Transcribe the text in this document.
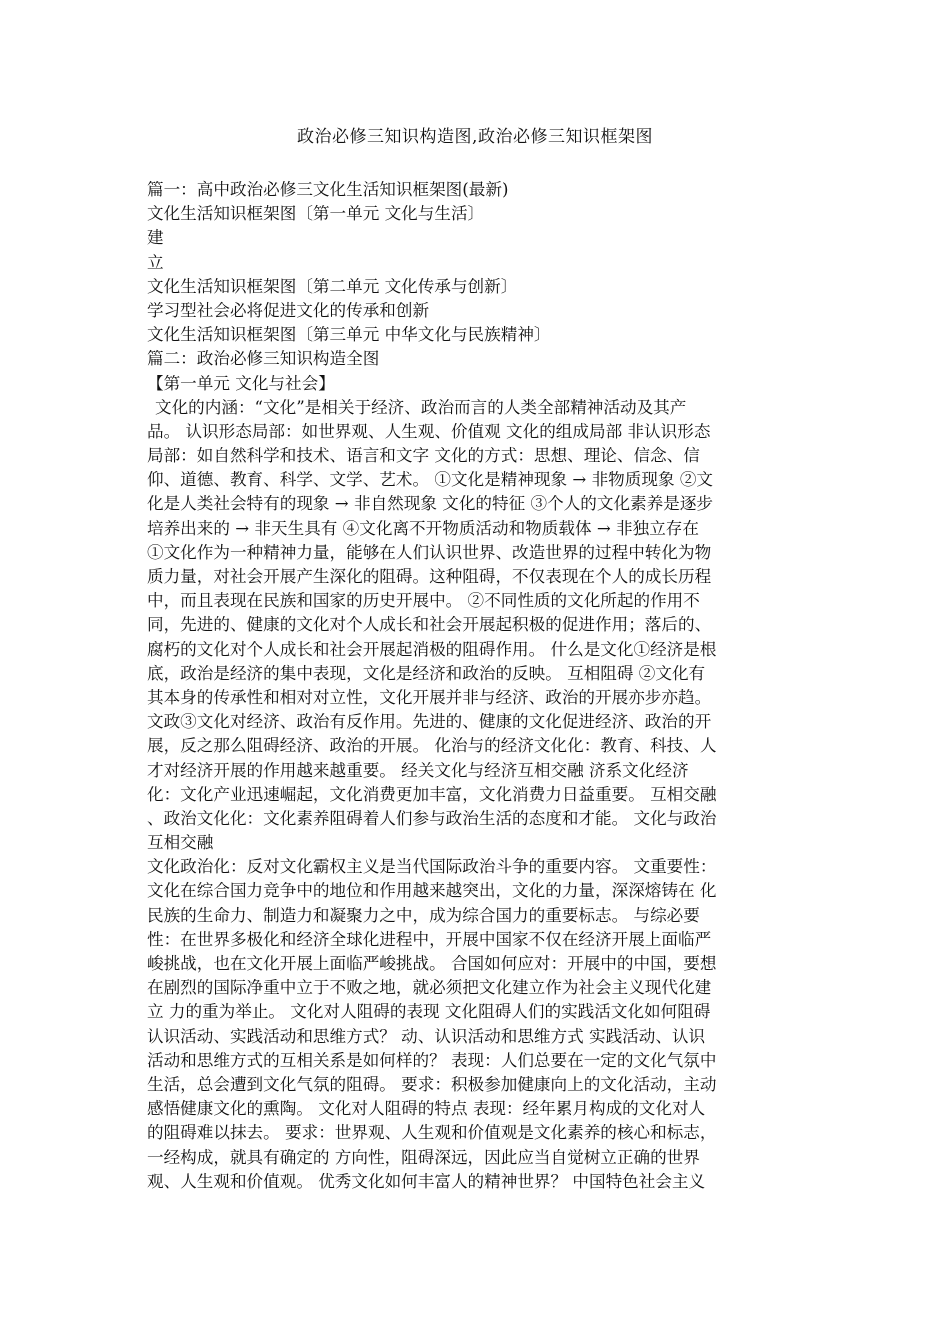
政治必修三知识构造图,政治必修三知识框架图
篇一：高中政治必修三文化生活知识框架图(最新)
文化生活知识框架图〔第一单元 文化与生活〕
建
立
文化生活知识框架图〔第二单元 文化传承与创新〕
学习型社会必将促进文化的传承和创新
文化生活知识框架图〔第三单元 中华文化与民族精神〕
篇二：政治必修三知识构造全图
【第一单元 文化与社会】
文化的内涵：“文化”是相关于经济、政治而言的人类全部精神活动及其产
品。 认识形态局部：如世界观、人生观、价值观 文化的组成局部 非认识形态
局部：如自然科学和技术、语言和文字 文化的方式：思想、理论、信念、信
仰、道德、教育、科学、文学、艺术。 ①文化是精神现象 → 非物质现象 ②文
化是人类社会特有的现象 → 非自然现象 文化的特征 ③个人的文化素养是逐步
培养出来的 → 非天生具有 ④文化离不开物质活动和物质载体 → 非独立存在
①文化作为一种精神力量，能够在人们认识世界、改造世界的过程中转化为物
质力量，对社会开展产生深化的阻碍。这种阻碍，不仅表现在个人的成长历程
中，而且表现在民族和国家的历史开展中。 ②不同性质的文化所起的作用不
同，先进的、健康的文化对个人成长和社会开展起积极的促进作用；落后的、
腐朽的文化对个人成长和社会开展起消极的阻碍作用。 什么是文化①经济是根
底，政治是经济的集中表现，文化是经济和政治的反映。 互相阻碍 ②文化有
其本身的传承性和相对对立性，文化开展并非与经济、政治的开展亦步亦趋。
文政③文化对经济、政治有反作用。先进的、健康的文化促进经济、政治的开
展，反之那么阻碍经济、政治的开展。 化治与的经济文化化：教育、科技、人
才对经济开展的作用越来越重要。 经关文化与经济互相交融 济系文化经济
化：文化产业迅速崛起，文化消费更加丰富，文化消费力日益重要。 互相交融
、政治文化化：文化素养阻碍着人们参与政治生活的态度和才能。 文化与政治
互相交融
文化政治化：反对文化霸权主义是当代国际政治斗争的重要内容。 文重要性：
文化在综合国力竞争中的地位和作用越来越突出，文化的力量，深深熔铸在 化
民族的生命力、制造力和凝聚力之中，成为综合国力的重要标志。 与综必要
性：在世界多极化和经济全球化进程中，开展中国家不仅在经济开展上面临严
峻挑战，也在文化开展上面临严峻挑战。 合国如何应对：开展中的中国，要想
在剧烈的国际净重中立于不败之地，就必须把文化建立作为社会主义现代化建
立 力的重为举止。 文化对人阻碍的表现 文化阻碍人们的实践活文化如何阻碍
认识活动、实践活动和思维方式？ 动、认识活动和思维方式 实践活动、认识
活动和思维方式的互相关系是如何样的？ 表现：人们总要在一定的文化气氛中
生活，总会遭到文化气氛的阻碍。 要求：积极参加健康向上的文化活动，主动
感悟健康文化的熏陶。 文化对人阻碍的特点 表现：经年累月构成的文化对人
的阻碍难以抹去。 要求：世界观、人生观和价值观是文化素养的核心和标志，
一经构成，就具有确定的 方向性，阻碍深远，因此应当自觉树立正确的世界
观、人生观和价值观。 优秀文化如何丰富人的精神世界？ 中国特色社会主义
